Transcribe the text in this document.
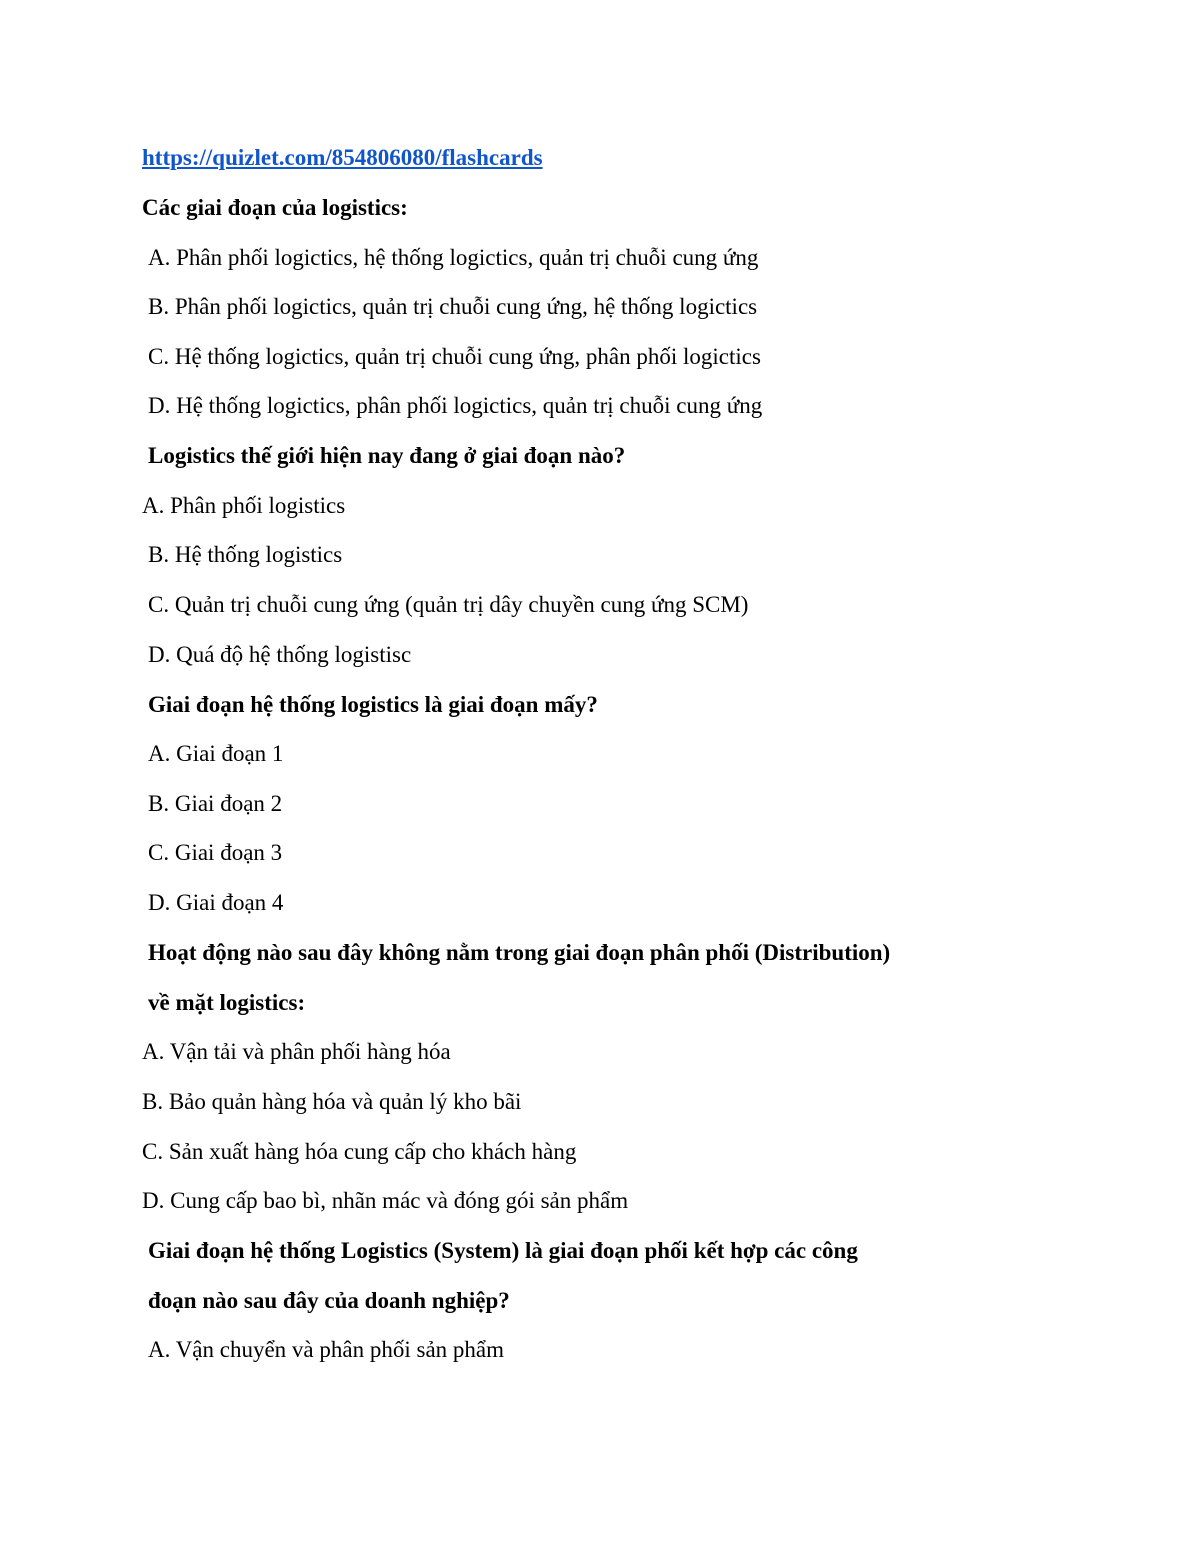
https://quizlet.com/854806080/flashcards
Các giai đoạn của logistics:
A. Phân phối logictics, hệ thống logictics, quản trị chuỗi cung ứng
B. Phân phối logictics, quản trị chuỗi cung ứng, hệ thống logictics
C. Hệ thống logictics, quản trị chuỗi cung ứng, phân phối logictics
D. Hệ thống logictics, phân phối logictics, quản trị chuỗi cung ứng
Logistics thế giới hiện nay đang ở giai đoạn nào?
A. Phân phối logistics
B. Hệ thống logistics
C. Quản trị chuỗi cung ứng (quản trị dây chuyền cung ứng SCM)
D. Quá độ hệ thống logistisc
Giai đoạn hệ thống logistics là giai đoạn mấy?
A. Giai đoạn 1
B. Giai đoạn 2
C. Giai đoạn 3
D. Giai đoạn 4
Hoạt động nào sau đây không nằm trong giai đoạn phân phối (Distribution)
về mặt logistics:
A. Vận tải và phân phối hàng hóa
B. Bảo quản hàng hóa và quản lý kho bãi
C. Sản xuất hàng hóa cung cấp cho khách hàng
D. Cung cấp bao bì, nhãn mác và đóng gói sản phẩm
Giai đoạn hệ thống Logistics (System) là giai đoạn phối kết hợp các công
đoạn nào sau đây của doanh nghiệp?
A. Vận chuyển và phân phối sản phẩm
